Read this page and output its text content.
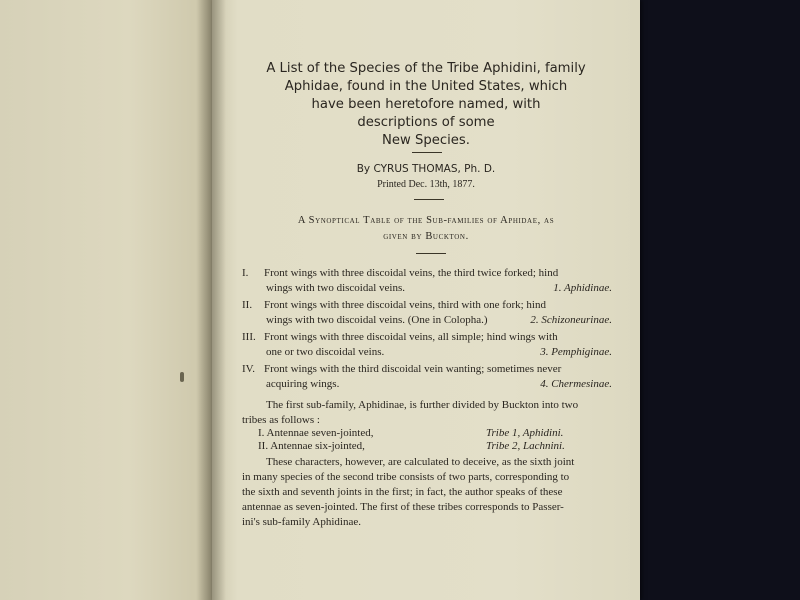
A List of the Species of the Tribe Aphidini, family
Aphidae, found in the United States, which
have been heretofore named, with
descriptions of some
New Species.
By CYRUS THOMAS, Ph. D.
Printed Dec. 13th, 1877.
A Synoptical Table of the Sub-families of Aphidae, as
given by Buckton.
I. Front wings with three discoidal veins, the third twice forked; hind
wings with two discoidal veins.	1. Aphidinae.
II. Front wings with three discoidal veins, third with one fork; hind
wings with two discoidal veins. (One in Colopha.)	2. Schizoneurinae.
III. Front wings with three discoidal veins, all simple; hind wings with
one or two discoidal veins.	3. Pemphiginae.
IV. Front wings with the third discoidal vein wanting; sometimes never
acquiring wings.	4. Chermesinae.
The first sub-family, Aphidinae, is further divided by Buckton into two
tribes as follows :
I. Antennae seven-jointed,	Tribe 1, Aphidini.
II. Antennae six-jointed,	Tribe 2, Lachnini.
These characters, however, are calculated to deceive, as the sixth joint
in many species of the second tribe consists of two parts, corresponding to
the sixth and seventh joints in the first; in fact, the author speaks of these
antennae as seven-jointed. The first of these tribes corresponds to Passer-
ini's sub-family Aphidinae.
